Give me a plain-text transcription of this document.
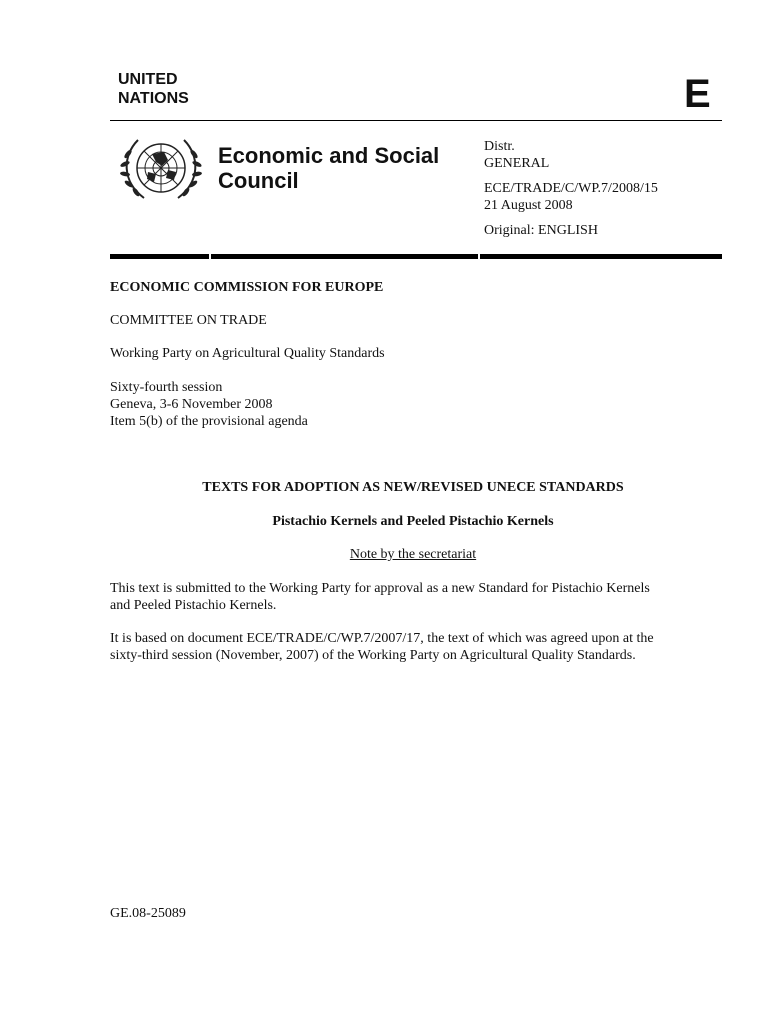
UNITED
NATIONS	E
Economic and Social
Council
Distr.
GENERAL
ECE/TRADE/C/WP.7/2008/15
21 August 2008
Original: ENGLISH
ECONOMIC COMMISSION FOR EUROPE
COMMITTEE ON TRADE
Working Party on Agricultural Quality Standards
Sixty-fourth session
Geneva, 3-6 November 2008
Item 5(b) of the provisional agenda
TEXTS FOR ADOPTION AS NEW/REVISED UNECE STANDARDS
Pistachio Kernels and Peeled Pistachio Kernels
Note by the secretariat
This text is submitted to the Working Party for approval as a new Standard for Pistachio Kernels
and Peeled Pistachio Kernels.
It is based on document ECE/TRADE/C/WP.7/2007/17, the text of which was agreed upon at the
sixty-third session (November, 2007) of the Working Party on Agricultural Quality Standards.
GE.08-25089
